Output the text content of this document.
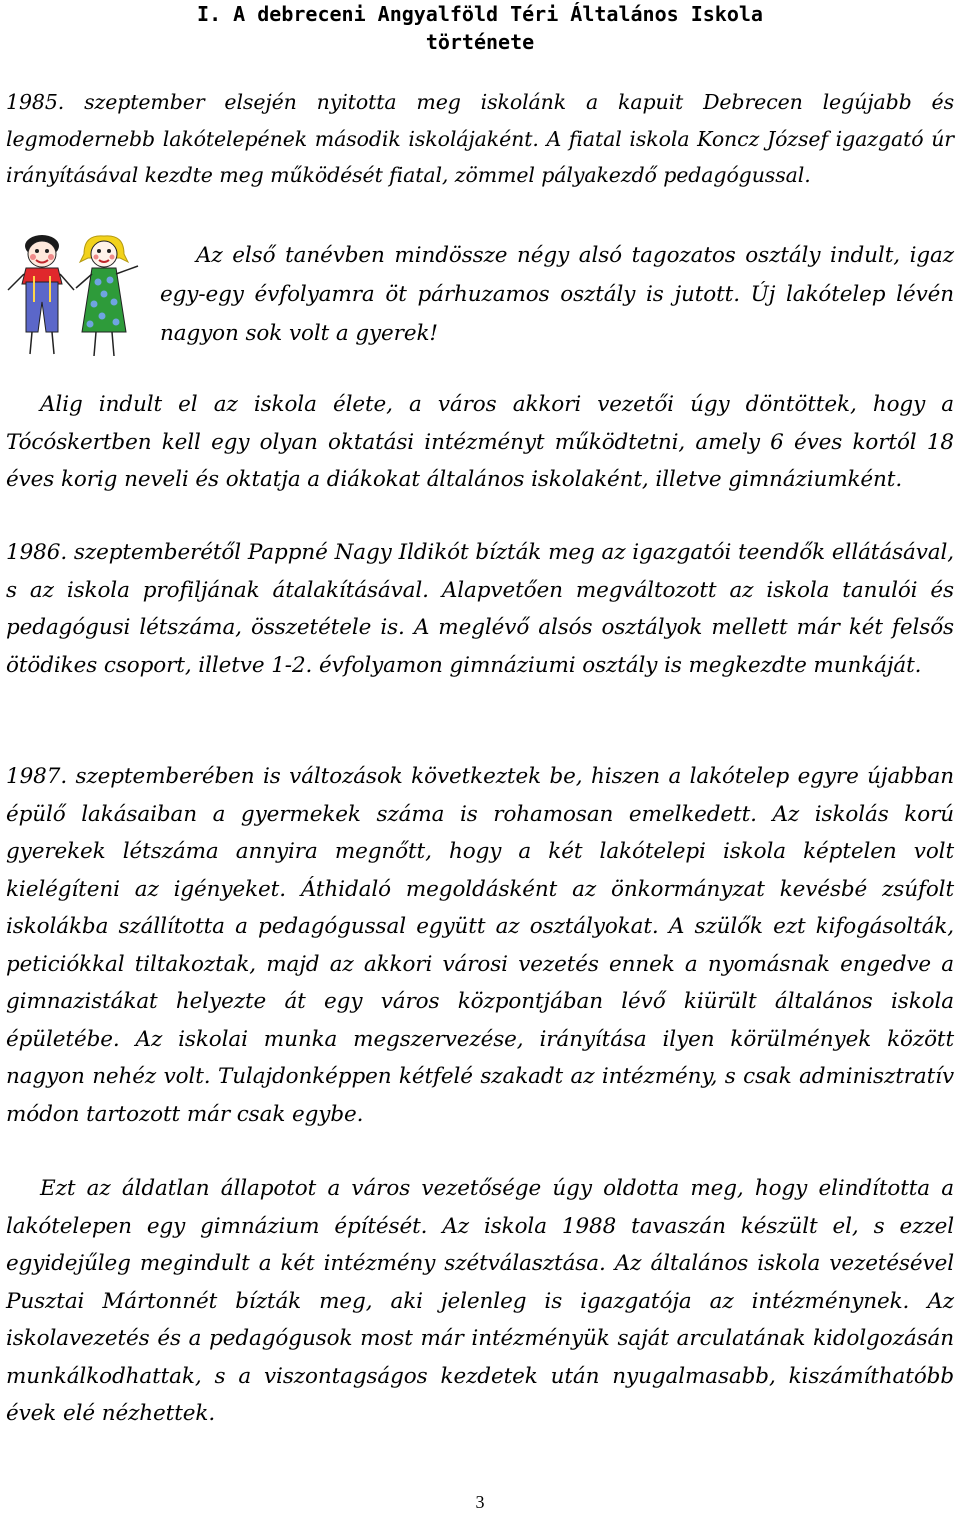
I. A debreceni Angyalföld Téri Általános Iskola
története

1985. szeptember elsején nyitotta meg iskolánk a kapuit Debrecen legújabb és legmodernebb lakótelepének második iskolájaként. A fiatal iskola Koncz József igazgató úr irányításával kezdte meg működését fiatal, zömmel pályakezdő pedagógussal.

Az első tanévben mindössze négy alsó tagozatos osztály indult, igaz egy-egy évfolyamra öt párhuzamos osztály is jutott. Új lakótelep lévén nagyon sok volt a gyerek!

Alig indult el az iskola élete, a város akkori vezetői úgy döntöttek, hogy a Tócóskertben kell egy olyan oktatási intézményt működtetni, amely 6 éves kortól 18 éves korig neveli és oktatja a diákokat általános iskolaként, illetve gimnáziumként.

1986. szeptemberétől Pappné Nagy Ildikót bízták meg az igazgatói teendők ellátásával, s az iskola profiljának átalakításával. Alapvetően megváltozott az iskola tanulói és pedagógusi létszáma, összetétele is. A meglévő alsós osztályok mellett már két felsős ötödikes csoport, illetve 1-2. évfolyamon gimnáziumi osztály is megkezdte munkáját.

1987. szeptemberében is változások következtek be, hiszen a lakótelep egyre újabban épülő lakásaiban a gyermekek száma is rohamosan emelkedett. Az iskolás korú gyerekek létszáma annyira megnőtt, hogy a két lakótelepi iskola képtelen volt kielégíteni az igényeket. Áthidaló megoldásként az önkormányzat kevésbé zsúfolt iskolákba szállította a pedagógussal együtt az osztályokat. A szülők ezt kifogásolták, peticiókkal tiltakoztak, majd az akkori városi vezetés ennek a nyomásnak engedve a gimnazistákat helyezte át egy város központjában lévő kiürült általános iskola épületébe. Az iskolai munka megszervezése, irányítása ilyen körülmények között nagyon nehéz volt. Tulajdonképpen kétfelé szakadt az intézmény, s csak adminisztratív módon tartozott már csak egybe.

Ezt az áldatlan állapotot a város vezetősége úgy oldotta meg, hogy elindította a lakótelepen egy gimnázium építését. Az iskola 1988 tavaszán készült el, s ezzel egyidejűleg megindult a két intézmény szétválasztása. Az általános iskola vezetésével Pusztai Mártonnét bízták meg, aki jelenleg is igazgatója az intézménynek. Az iskolavezetés és a pedagógusok most már intézményük saját arculatának kidolgozásán munkálkodhattak, s a viszontagságos kezdetek után nyugalmasabb, kiszámíthatóbb évek elé nézhettek.

3
